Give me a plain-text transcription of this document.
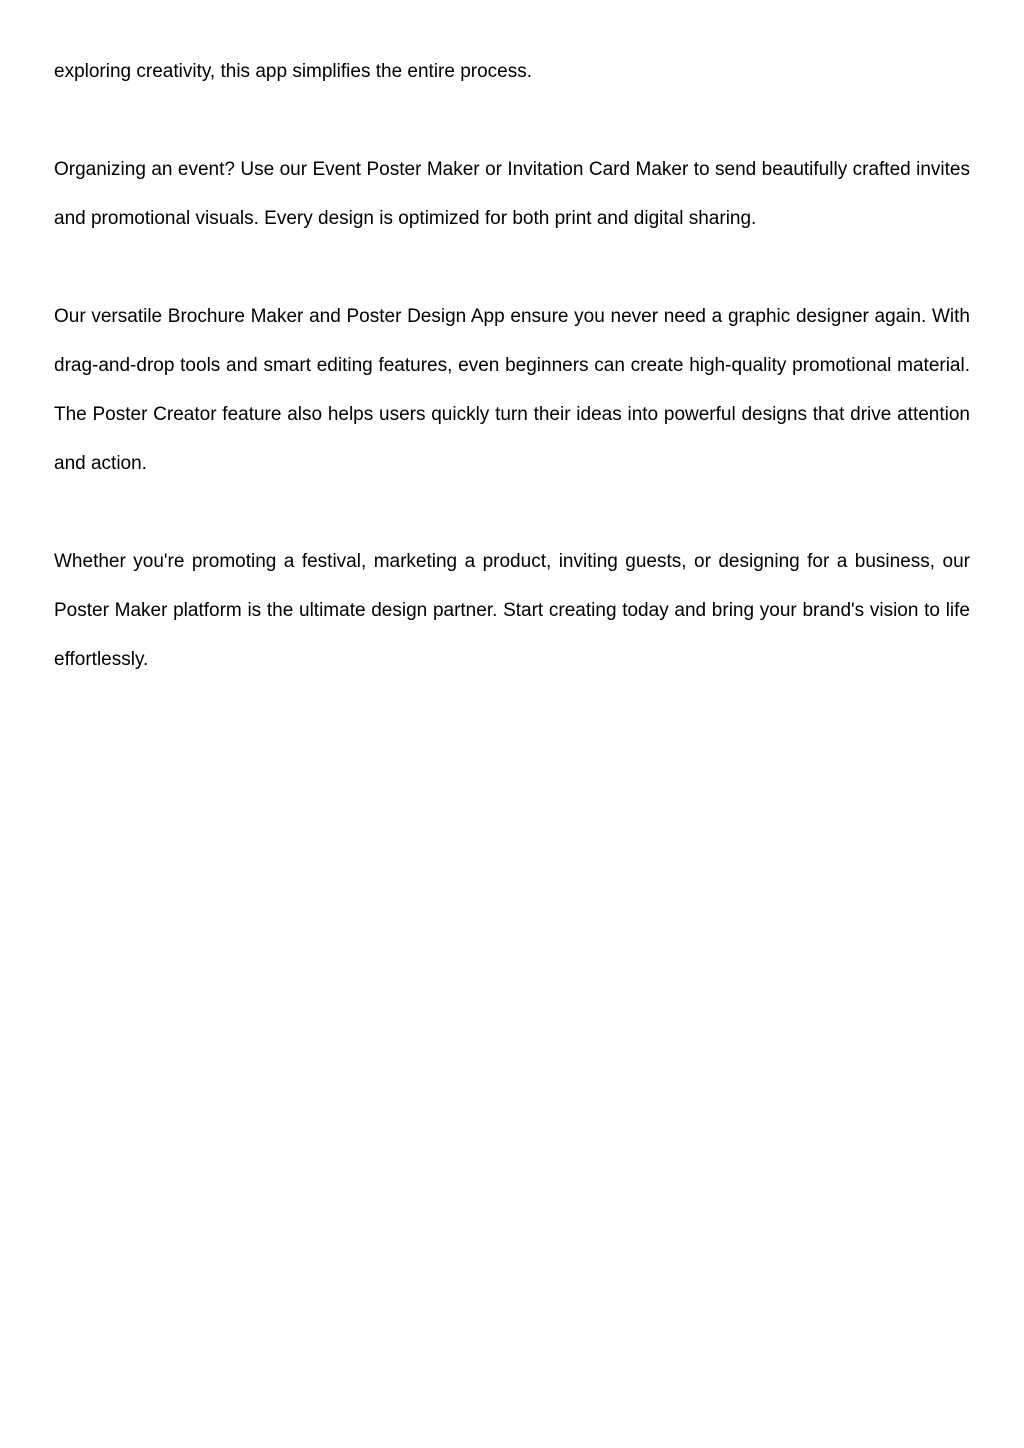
exploring creativity, this app simplifies the entire process.

Organizing an event? Use our Event Poster Maker or Invitation Card Maker to send beautifully crafted invites and promotional visuals. Every design is optimized for both print and digital sharing.

Our versatile Brochure Maker and Poster Design App ensure you never need a graphic designer again. With drag-and-drop tools and smart editing features, even beginners can create high-quality promotional material. The Poster Creator feature also helps users quickly turn their ideas into powerful designs that drive attention and action.

Whether you're promoting a festival, marketing a product, inviting guests, or designing for a business, our Poster Maker platform is the ultimate design partner. Start creating today and bring your brand's vision to life effortlessly.
